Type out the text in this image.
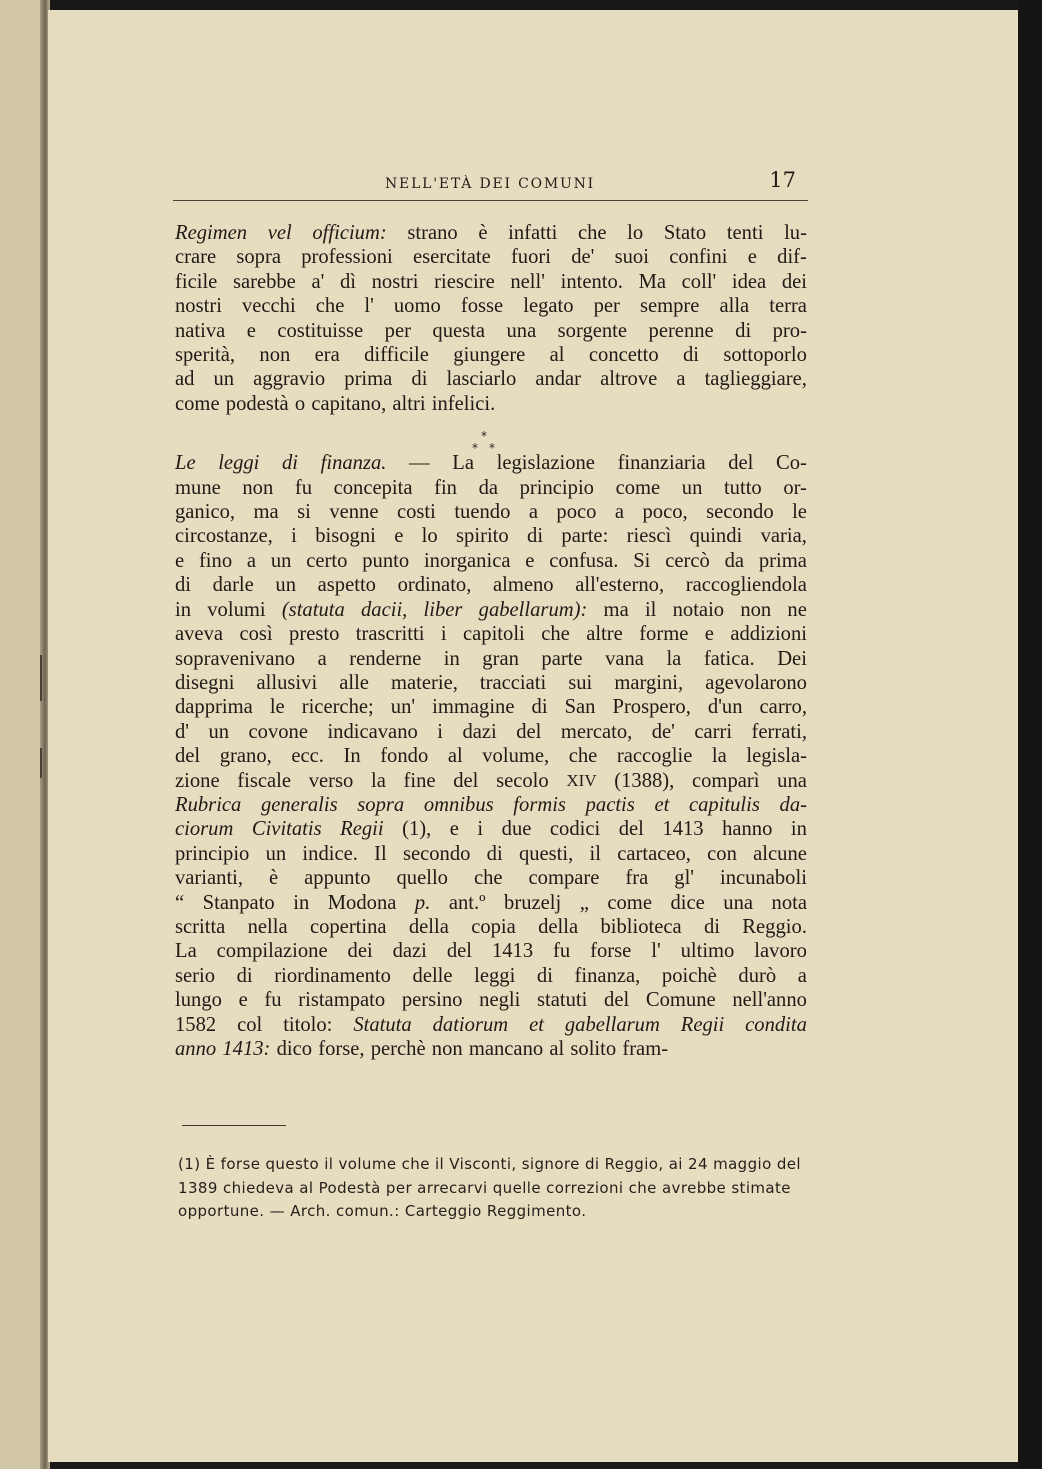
NELL'ETÀ DEI COMUNI	17
Regimen vel officium: strano è infatti che lo Stato tenti lu-
crare sopra professioni esercitate fuori de' suoi confini e dif-
ficile sarebbe a' dì nostri riescire nell' intento. Ma coll' idea dei
nostri vecchi che l' uomo fosse legato per sempre alla terra
nativa e costituisse per questa una sorgente perenne di pro-
sperità, non era difficile giungere al concetto di sottoporlo
ad un aggravio prima di lasciarlo andar altrove a taglieggiare,
come podestà o capitano, altri infelici.
*
* *
Le leggi di finanza. — La legislazione finanziaria del Co-
mune non fu concepita fin da principio come un tutto or-
ganico, ma si venne costi tuendo a poco a poco, secondo le
circostanze, i bisogni e lo spirito di parte: riescì quindi varia,
e fino a un certo punto inorganica e confusa. Si cercò da prima
di darle un aspetto ordinato, almeno all'esterno, raccogliendola
in volumi (statuta dacii, liber gabellarum): ma il notaio non ne
aveva così presto trascritti i capitoli che altre forme e addizioni
sopravenivano a renderne in gran parte vana la fatica. Dei
disegni allusivi alle materie, tracciati sui margini, agevolarono
dapprima le ricerche; un' immagine di San Prospero, d'un carro,
d' un covone indicavano i dazi del mercato, de' carri ferrati,
del grano, ecc. In fondo al volume, che raccoglie la legisla-
zione fiscale verso la fine del secolo XIV (1388), comparì una
Rubrica generalis sopra omnibus formis pactis et capitulis da-
ciorum Civitatis Regii (1), e i due codici del 1413 hanno in
principio un indice. Il secondo di questi, il cartaceo, con alcune
varianti, è appunto quello che compare fra gl' incunaboli
“ Stanpato in Modona p. ant.º bruzelj „ come dice una nota
scritta nella copertina della copia della biblioteca di Reggio.
La compilazione dei dazi del 1413 fu forse l' ultimo lavoro
serio di riordinamento delle leggi di finanza, poichè durò a
lungo e fu ristampato persino negli statuti del Comune nell'anno
1582 col titolo: Statuta datiorum et gabellarum Regii condita
anno 1413: dico forse, perchè non mancano al solito fram-
(1) È forse questo il volume che il Visconti, signore di Reggio, ai 24 maggio del 1389 chiedeva al Podestà per arrecarvi quelle correzioni che avrebbe stimate opportune. — Arch. comun.: Carteggio Reggimento.
